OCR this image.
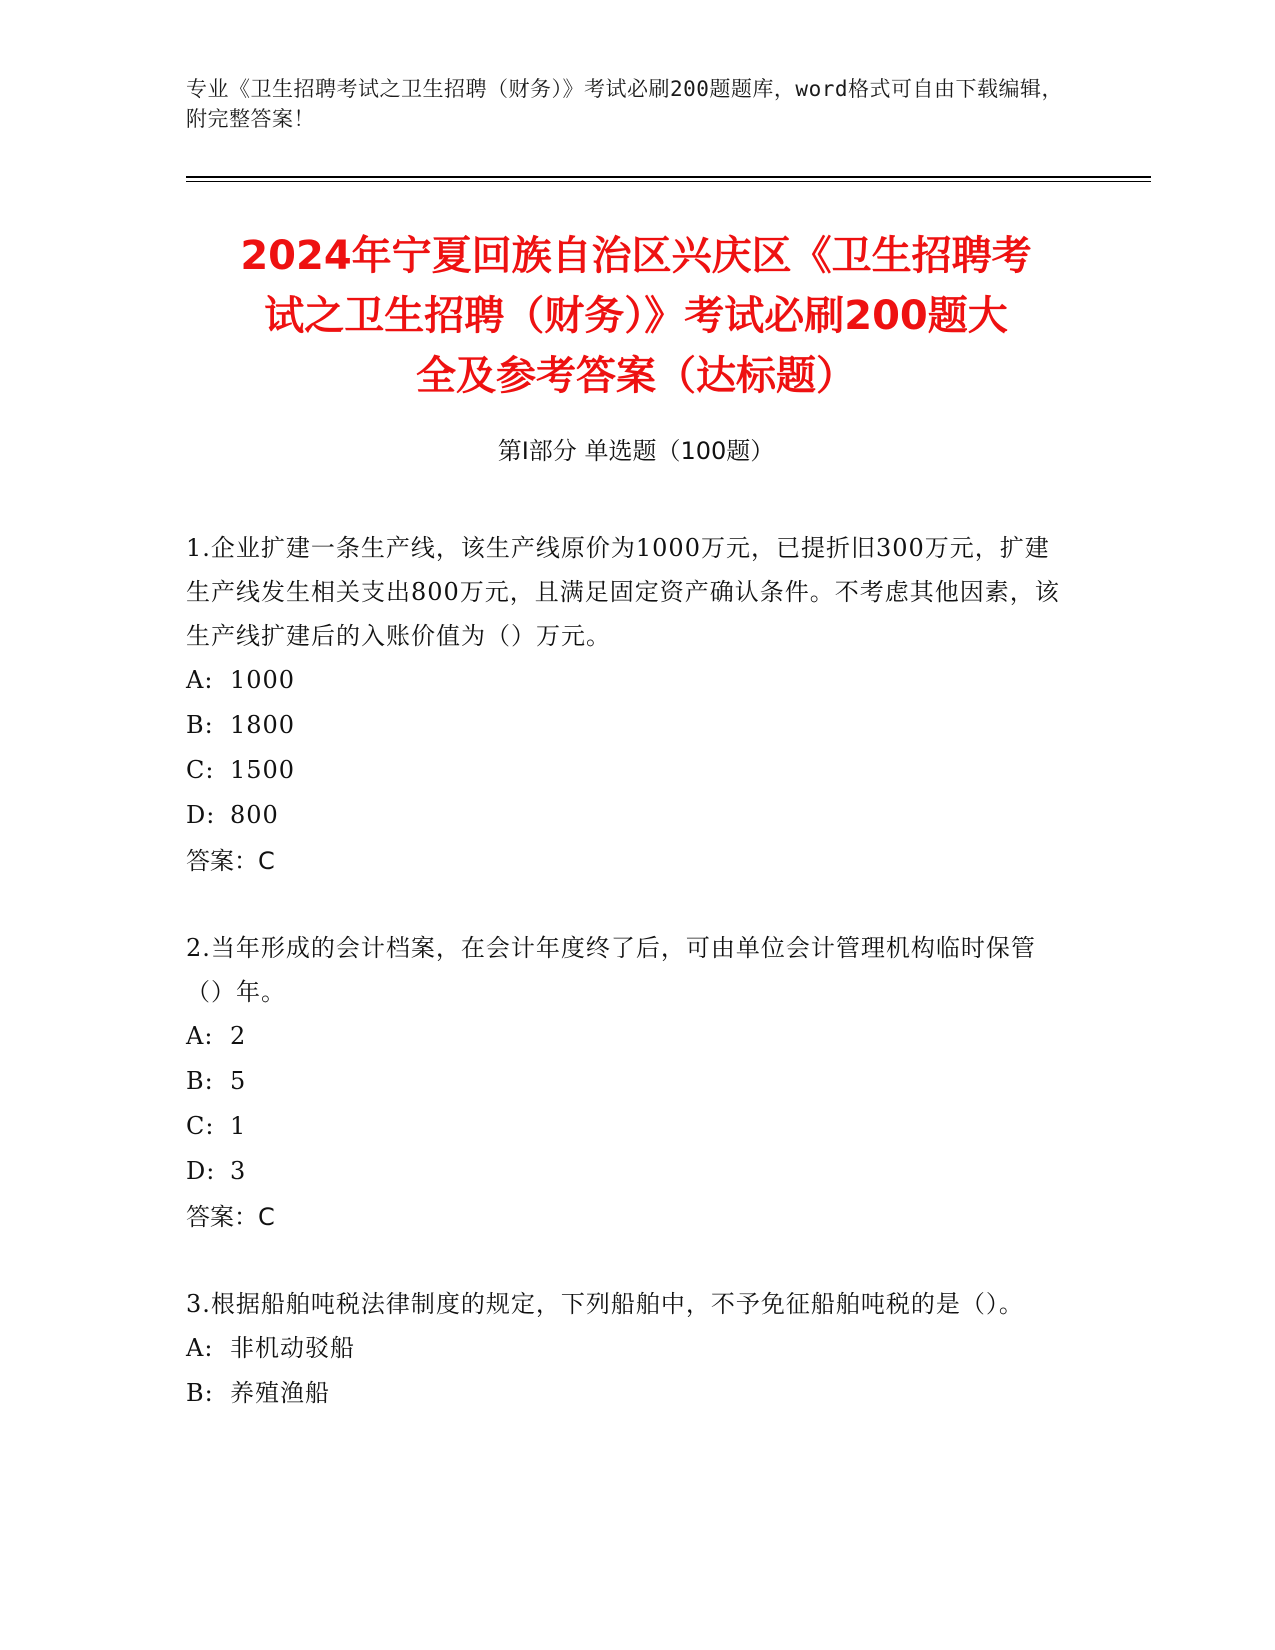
专业《卫生招聘考试之卫生招聘（财务）》考试必刷200题题库，word格式可自由下载编辑，附完整答案！
2024年宁夏回族自治区兴庆区《卫生招聘考
试之卫生招聘（财务）》考试必刷200题大
全及参考答案（达标题）
第Ⅰ部分 单选题（100题）

1.企业扩建一条生产线，该生产线原价为1000万元，已提折旧300万元，扩建生产线发生相关支出800万元，且满足固定资产确认条件。不考虑其他因素，该生产线扩建后的入账价值为（）万元。

A: 1000
B: 1800
C: 1500
D: 800
答案：C

2.当年形成的会计档案，在会计年度终了后，可由单位会计管理机构临时保管（）年。

A: 2
B: 5
C: 1
D: 3
答案：C

3.根据船舶吨税法律制度的规定，下列船舶中，不予免征船舶吨税的是（）。

A: 非机动驳船
B: 养殖渔船
